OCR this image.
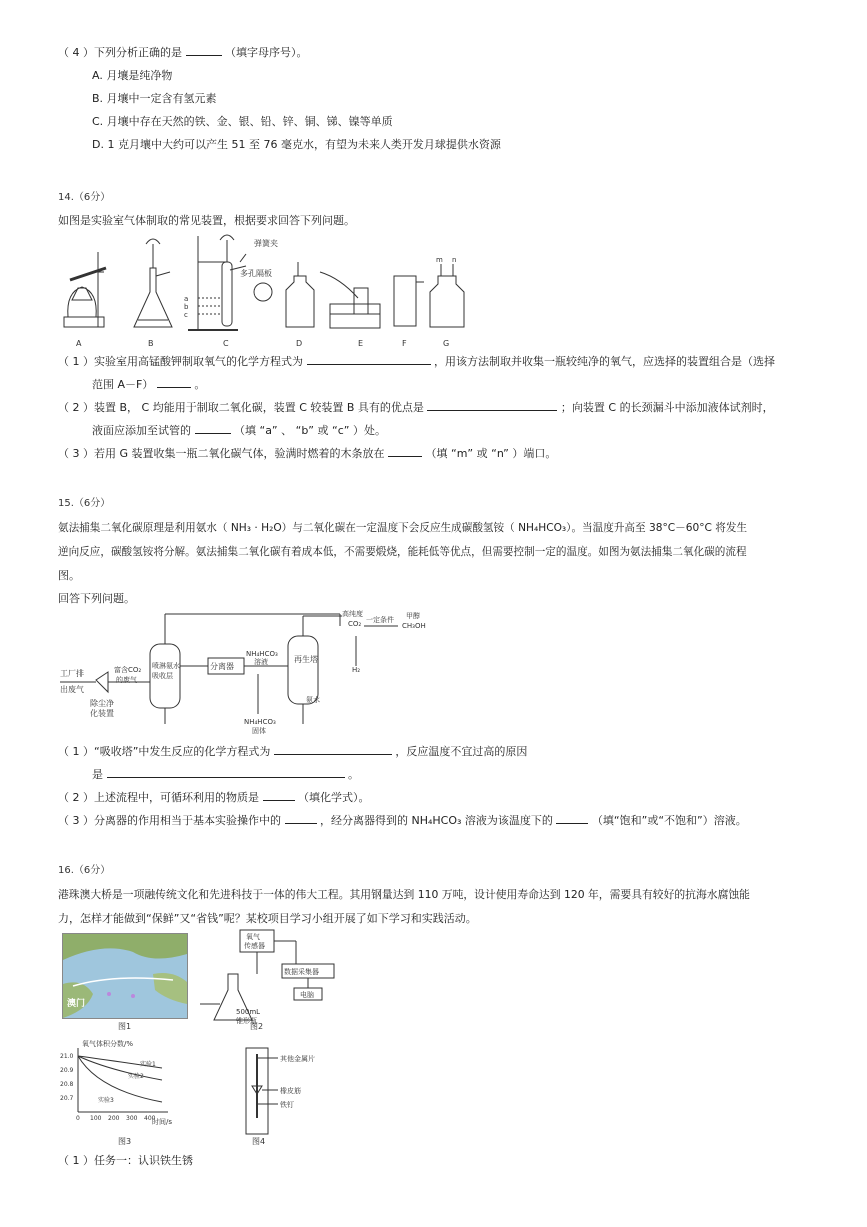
（ 4 ）下列分析正确的是	（填字母序号）。
A. 月壤是纯净物
B. 月壤中一定含有氢元素
C. 月壤中存在天然的铁、金、银、铅、锌、铜、锑、镍等单质
D. 1 克月壤中大约可以产生 51 至 76 毫克水，有望为未来人类开发月球提供水资源
14.（6分）
如图是实验室气体制取的常见装置，根据要求回答下列问题。
弹簧夹
多孔隔板
a
b
c
m n
A	B	C	D	E	F	G
（ 1 ）实验室用高锰酸钾制取氧气的化学方程式为	，用该方法制取并收集一瓶较纯净的氧气，应选择的装置组合是（选择
范围 A－F）	。
（ 2 ）装置 B， C 均能用于制取二氧化碳，装置 C 较装置 B 具有的优点是	；向装置 C 的长颈漏斗中添加液体试剂时，
液面应添加至试管的	（填 “a” 、 “b” 或 “c” ）处。
（ 3 ）若用 G 装置收集一瓶二氧化碳气体，验满时燃着的木条放在	（填 “m” 或 “n” ）端口。
15.（6分）
氨法捕集二氧化碳原理是利用氨水（ NH₃ · H₂O）与二氧化碳在一定温度下会反应生成碳酸氢铵（ NH₄HCO₃）。当温度升高至 38°C－60°C 将发生
逆向反应，碳酸氢铵将分解。氨法捕集二氧化碳有着成本低，不需要煅烧，能耗低等优点，但需要控制一定的温度。如图为氨法捕集二氧化碳的流程
图。
回答下列问题。
工厂排
出废气
除尘净
化装置
富含CO₂
的废气
喷淋氨水
吸收层
分离器
NH₄HCO₃
溶液	再生塔
氨水
NH₄HCO₃
固体
高纯度
CO₂ 一定条件 甲醇
CH₃OH
H₂
（ 1 ）“吸收塔”中发生反应的化学方程式为	，反应温度不宜过高的原因
是	。
（ 2 ）上述流程中，可循环利用的物质是	（填化学式）。
（ 3 ）分离器的作用相当于基本实验操作中的	，经分离器得到的 NH₄HCO₃ 溶液为该温度下的	（填“饱和”或“不饱和”）溶液。
16.（6分）
港珠澳大桥是一项融传统文化和先进科技于一体的伟大工程。其用钢量达到 110 万吨，设计使用寿命达到 120 年，需要具有较好的抗海水腐蚀能
力，怎样才能做到“保鲜”又“省钱”呢？某校项目学习小组开展了如下学习和实践活动。
澳门
图1
氧气
传感器
数据采集器
电脑
500mL
锥形瓶
图2
氧气体积分数/%
时间/s
21.0
20.9
20.8
20.7
0 100 200 300 400
实验1
实验2
实验3
图3
其他金属片
橡皮筋
铁钉
图4
（ 1 ）任务一：认识铁生锈
